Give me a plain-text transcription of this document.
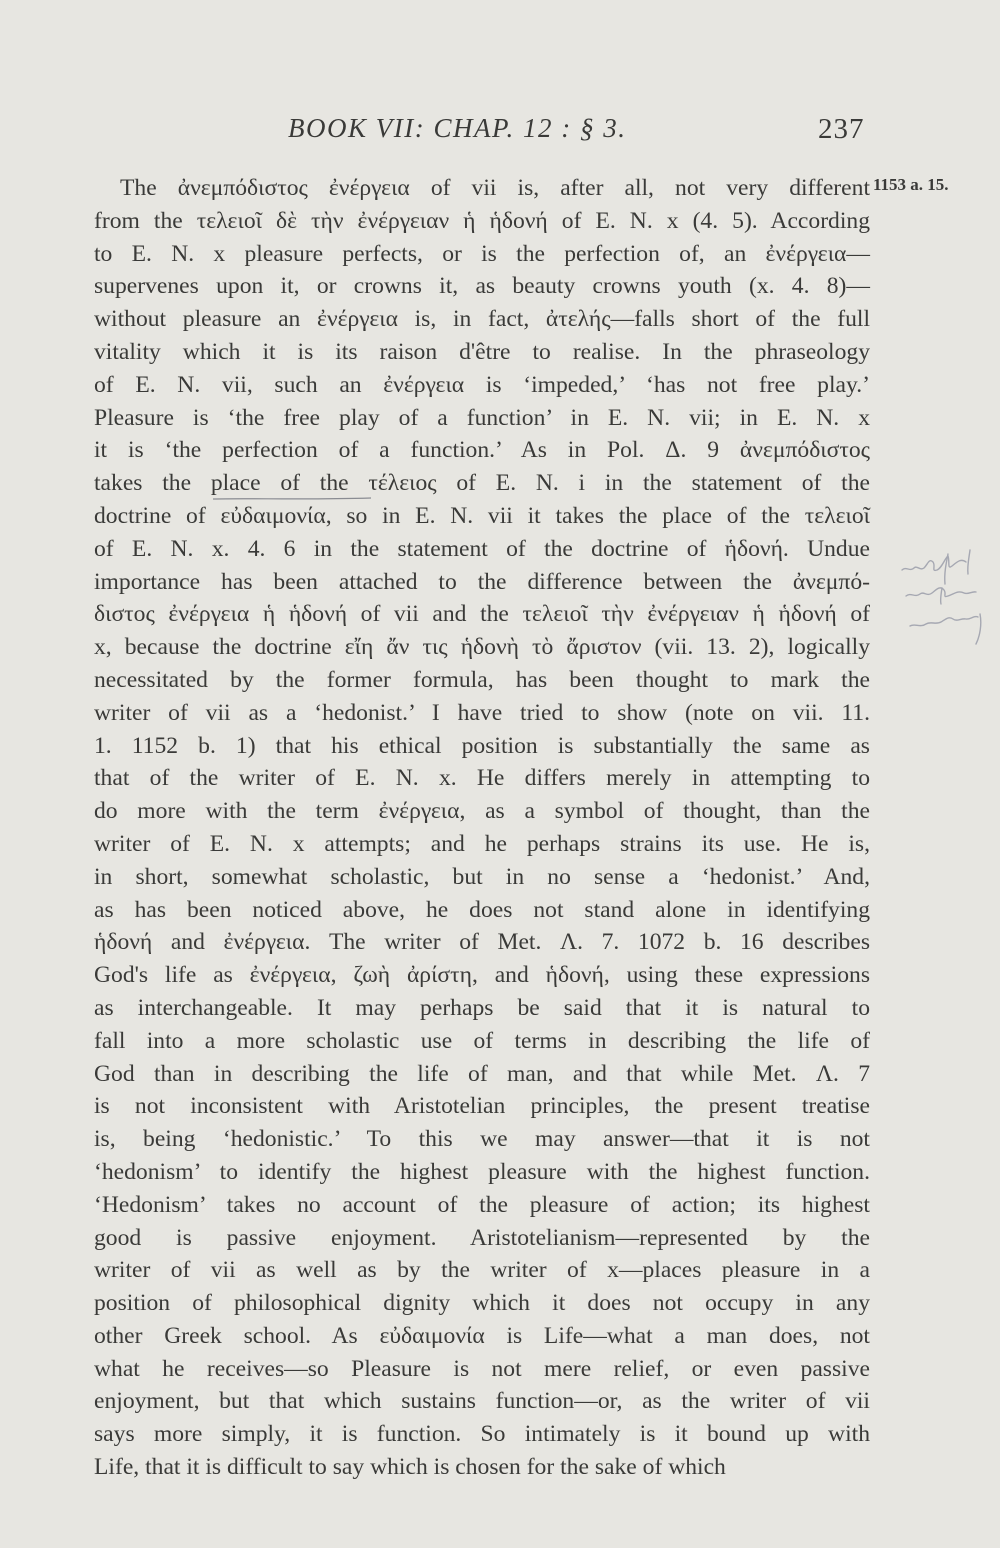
BOOK VII: CHAP. 12 : § 3.	237
1153 a. 15.
The ἀνεμπόδιστος ἐνέργεια of vii is, after all, not very different
from the τελειοῖ δὲ τὴν ἐνέργειαν ἡ ἡδονή of E. N. x (4. 5). According
to E. N. x pleasure perfects, or is the perfection of, an ἐνέργεια—
supervenes upon it, or crowns it, as beauty crowns youth (x. 4. 8)—
without pleasure an ἐνέργεια is, in fact, ἀτελής—falls short of the full
vitality which it is its raison d'être to realise. In the phraseology
of E. N. vii, such an ἐνέργεια is ‘impeded,’ ‘has not free play.’
Pleasure is ‘the free play of a function’ in E. N. vii; in E. N. x
it is ‘the perfection of a function.’ As in Pol. Δ. 9 ἀνεμπόδιστος
takes the place of the τέλειος of E. N. i in the statement of the
doctrine of εὐδαιμονία, so in E. N. vii it takes the place of the τελειοῖ
of E. N. x. 4. 6 in the statement of the doctrine of ἡδονή. Undue
importance has been attached to the difference between the ἀνεμπό-
διστος ἐνέργεια ἡ ἡδονή of vii and the τελειοῖ τὴν ἐνέργειαν ἡ ἡδονή of
x, because the doctrine εἴη ἄν τις ἡδονὴ τὸ ἄριστον (vii. 13. 2), logically
necessitated by the former formula, has been thought to mark the
writer of vii as a ‘hedonist.’ I have tried to show (note on vii. 11.
1. 1152 b. 1) that his ethical position is substantially the same as
that of the writer of E. N. x. He differs merely in attempting to
do more with the term ἐνέργεια, as a symbol of thought, than the
writer of E. N. x attempts; and he perhaps strains its use. He is,
in short, somewhat scholastic, but in no sense a ‘hedonist.’ And,
as has been noticed above, he does not stand alone in identifying
ἡδονή and ἐνέργεια. The writer of Met. Λ. 7. 1072 b. 16 describes
God's life as ἐνέργεια, ζωὴ ἀρίστη, and ἡδονή, using these expressions
as interchangeable. It may perhaps be said that it is natural to
fall into a more scholastic use of terms in describing the life of
God than in describing the life of man, and that while Met. Λ. 7
is not inconsistent with Aristotelian principles, the present treatise
is, being ‘hedonistic.’ To this we may answer—that it is not
‘hedonism’ to identify the highest pleasure with the highest function.
‘Hedonism’ takes no account of the pleasure of action; its highest
good is passive enjoyment. Aristotelianism—represented by the
writer of vii as well as by the writer of x—places pleasure in a
position of philosophical dignity which it does not occupy in any
other Greek school. As εὐδαιμονία is Life—what a man does, not
what he receives—so Pleasure is not mere relief, or even passive
enjoyment, but that which sustains function—or, as the writer of vii
says more simply, it is function. So intimately is it bound up with
Life, that it is difficult to say which is chosen for the sake of which
